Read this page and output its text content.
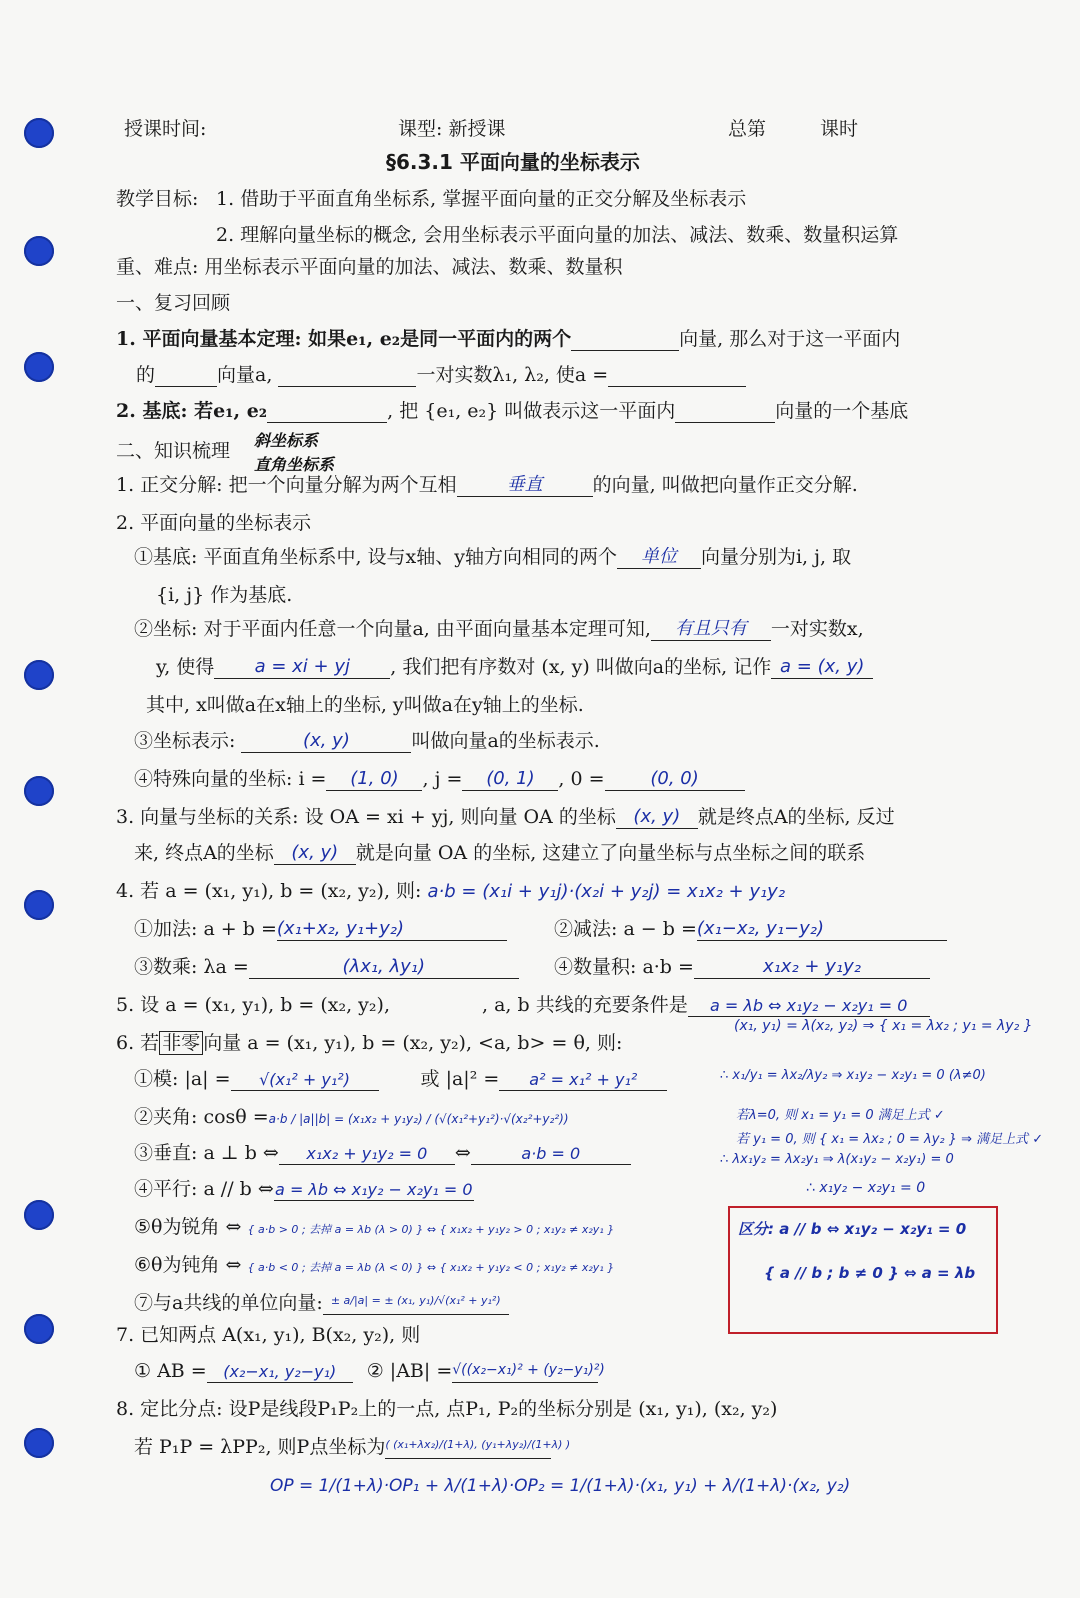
授课时间:	课型: 新授课	总第	课时
§6.3.1 平面向量的坐标表示
教学目标: 1. 借助于平面直角坐标系, 掌握平面向量的正交分解及坐标表示
2. 理解向量坐标的概念, 会用坐标表示平面向量的加法、减法、数乘、数量积运算
重、难点: 用坐标表示平面向量的加法、减法、数乘、数量积
一、复习回顾
1. 平面向量基本定理: 如果e₁, e₂是同一平面内的两个	向量, 那么对于这一平面内
的	向量a,	一对实数λ₁, λ₂, 使a =
2. 基底: 若e₁, e₂	, 把 {e₁, e₂} 叫做表示这一平面内	向量的一个基底
二、知识梳理 斜坐标系
直角坐标系
1. 正交分解: 把一个向量分解为两个互相	垂直	的向量, 叫做把向量作正交分解.
2. 平面向量的坐标表示
①基底: 平面直角坐标系中, 设与x轴、y轴方向相同的两个 单位 向量分别为i, j, 取
{i, j} 作为基底.
②坐标: 对于平面内任意一个向量a, 由平面向量基本定理可知, 有且只有 一对实数x,
y, 使得 a = xi + yj , 我们把有序数对 (x, y) 叫做向a的坐标, 记作 a = (x, y)
其中, x叫做a在x轴上的坐标, y叫做a在y轴上的坐标.
③坐标表示:	(x, y)	叫做向量a的坐标表示.
④特殊向量的坐标: i = (1, 0) , j = (0, 1) , 0 =	(0, 0)
3. 向量与坐标的关系: 设 OA = xi + yj, 则向量 OA 的坐标 (x, y) 就是终点A的坐标, 反过
来, 终点A的坐标 (x, y) 就是向量 OA 的坐标, 这建立了向量坐标与点坐标之间的联系
4. 若 a = (x₁, y₁), b = (x₂, y₂), 则: a·b = (x₁i + y₁j)·(x₂i + y₂j) = x₁x₂ + y₁y₂
①加法: a + b =(x₁+x₂, y₁+y₂)	②减法: a − b =(x₁−x₂, y₁−y₂)
③数乘: λa =	(λx₁, λy₁)	④数量积: a·b =	x₁x₂ + y₁y₂
5. 设 a = (x₁, y₁), b = (x₂, y₂),	, a, b 共线的充要条件是 a = λb ⇔ x₁y₂ − x₂y₁ = 0
6. 若 非零 向量 a = (x₁, y₁), b = (x₂, y₂), <a, b> = θ, 则:
①模: |a| = √(x₁² + y₁²)	或 |a|² = a² = x₁² + y₁²
②夹角: cosθ =a·b / |a||b| = (x₁x₂ + y₁y₂) / (√(x₁²+y₁²)·√(x₂²+y₂²))
③垂直: a ⊥ b ⇔ x₁x₂ + y₁y₂ = 0 ⇔	a·b = 0
④平行: a // b ⇔a = λb ⇔ x₁y₂ − x₂y₁ = 0
⑤θ为锐角 ⇔ { a·b > 0 ; 去掉 a = λb (λ > 0) } ⇔ { x₁x₂ + y₁y₂ > 0 ; x₁y₂ ≠ x₂y₁ }
⑥θ为钝角 ⇔ { a·b < 0 ; 去掉 a = λb (λ < 0) } ⇔ { x₁x₂ + y₁y₂ < 0 ; x₁y₂ ≠ x₂y₁ }
⑦与a共线的单位向量: ± a/|a| = ± (x₁, y₁)/√(x₁² + y₁²)
7. 已知两点 A(x₁, y₁), B(x₂, y₂), 则
① AB = (x₂−x₁, y₂−y₁) ② |AB| =√((x₂−x₁)² + (y₂−y₁)²)
8. 定比分点: 设P是线段P₁P₂上的一点, 点P₁, P₂的坐标分别是 (x₁, y₁), (x₂, y₂)
若 P₁P = λPP₂, 则P点坐标为( (x₁+λx₂)/(1+λ), (y₁+λy₂)/(1+λ) )
OP = 1/(1+λ)·OP₁ + λ/(1+λ)·OP₂ = 1/(1+λ)·(x₁, y₁) + λ/(1+λ)·(x₂, y₂)
(x₁, y₁) = λ(x₂, y₂) ⇒ { x₁ = λx₂ ; y₁ = λy₂ }
∴ x₁/y₁ = λx₂/λy₂ ⇒ x₁y₂ − x₂y₁ = 0 (λ≠0)
若λ=0, 则 x₁ = y₁ = 0 满足上式 ✓
若 y₁ = 0, 则 { x₁ = λx₂ ; 0 = λy₂ } ⇒ 满足上式 ✓
∴ λx₁y₂ = λx₂y₁ ⇒ λ(x₁y₂ − x₂y₁) = 0
∴ x₁y₂ − x₂y₁ = 0
区分: a // b ⇔ x₁y₂ − x₂y₁ = 0
{ a // b ; b ≠ 0 } ⇔ a = λb
